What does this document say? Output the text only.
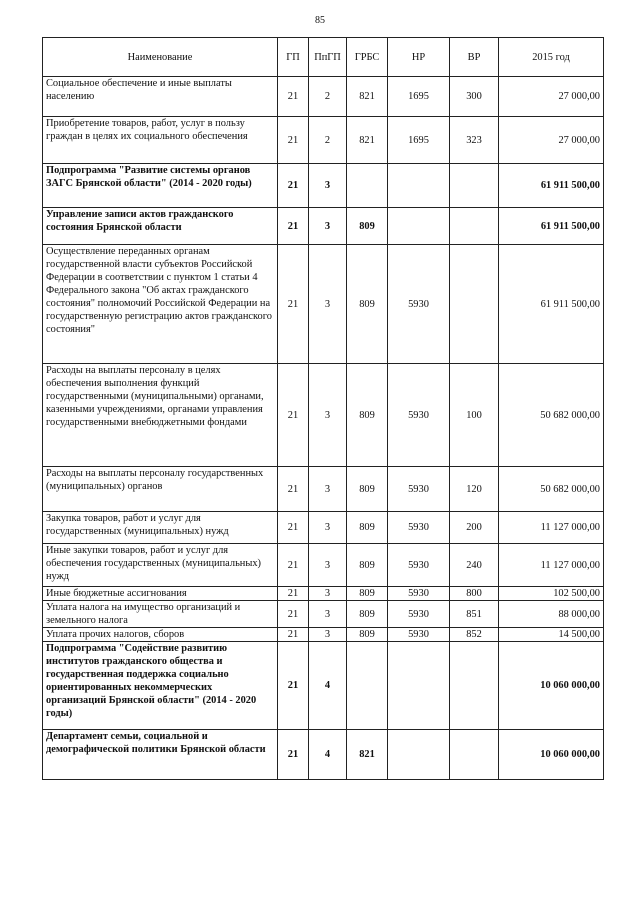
85
Наименование	ГП	ПпГП	ГРБС	НР	ВР	2015 год
Социальное обеспечение и иные выплаты населению	21	2	821	1695	300	27 000,00
Приобретение товаров, работ, услуг в пользу граждан в целях их социального обеспечения	21	2	821	1695	323	27 000,00
Подпрограмма "Развитие системы органов ЗАГС Брянской области" (2014 - 2020 годы)	21	3				61 911 500,00
Управление записи актов гражданского состояния Брянской области	21	3	809			61 911 500,00
Осуществление переданных органам государственной власти субъектов Российской Федерации в соответствии с пунктом 1 статьи 4 Федерального закона "Об актах гражданского состояния" полномочий Российской Федерации на государственную регистрацию актов гражданского состояния"	21	3	809	5930		61 911 500,00
Расходы на выплаты персоналу в целях обеспечения выполнения функций государственными (муниципальными) органами, казенными учреждениями, органами управления государственными внебюджетными фондами	21	3	809	5930	100	50 682 000,00
Расходы на выплаты персоналу государственных (муниципальных) органов	21	3	809	5930	120	50 682 000,00
Закупка товаров, работ и услуг для государственных (муниципальных) нужд	21	3	809	5930	200	11 127 000,00
Иные закупки товаров, работ и услуг для обеспечения государственных (муниципальных) нужд	21	3	809	5930	240	11 127 000,00
Иные бюджетные ассигнования	21	3	809	5930	800	102 500,00
Уплата налога на имущество организаций и земельного налога	21	3	809	5930	851	88 000,00
Уплата прочих налогов, сборов	21	3	809	5930	852	14 500,00
Подпрограмма "Содействие развитию институтов гражданского общества и государственная поддержка социально ориентированных некоммерческих организаций Брянской области" (2014 - 2020 годы)	21	4				10 060 000,00
Департамент семьи, социальной и демографической политики Брянской области	21	4	821			10 060 000,00
